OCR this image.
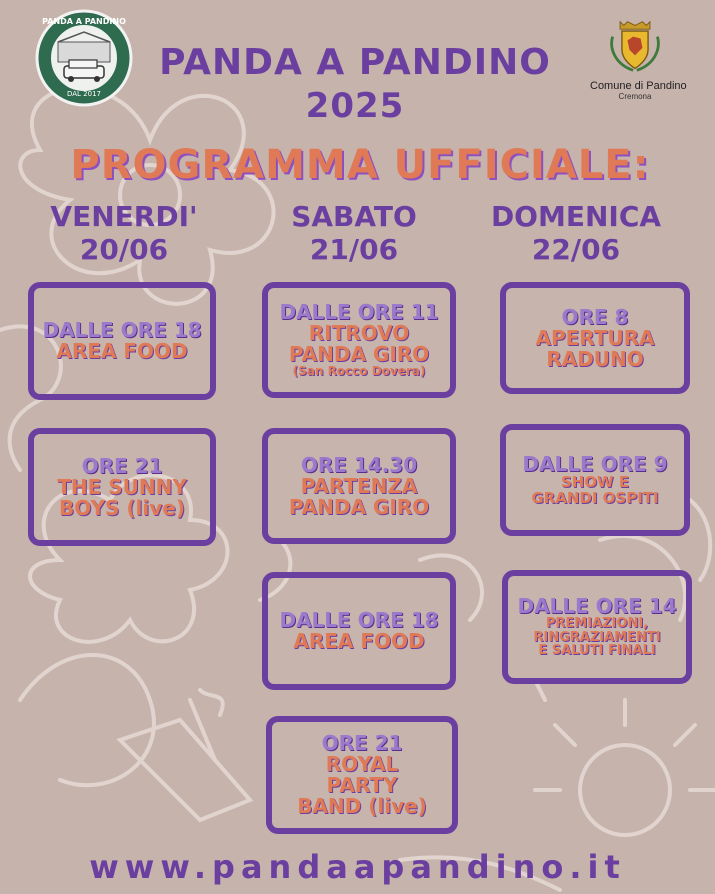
PANDA A PANDINO
DAL 2017
Comune di Pandino
Cremona
PANDA A PANDINO
2025
PROGRAMMA UFFICIALE:
VENERDI'
20/06
SABATO
21/06
DOMENICA
22/06
DALLE ORE 18
AREA FOOD
ORE 21
THE SUNNY
BOYS (live)
DALLE ORE 11
RITROVO
PANDA GIRO
(San Rocco Dovera)
ORE 14.30
PARTENZA
PANDA GIRO
DALLE ORE 18
AREA FOOD
ORE 21
ROYAL
PARTY
BAND (live)
ORE 8
APERTURA
RADUNO
DALLE ORE 9
SHOW E
GRANDI OSPITI
DALLE ORE 14
PREMIAZIONI,
RINGRAZIAMENTI
E SALUTI FINALI
www.pandaapandino.it
